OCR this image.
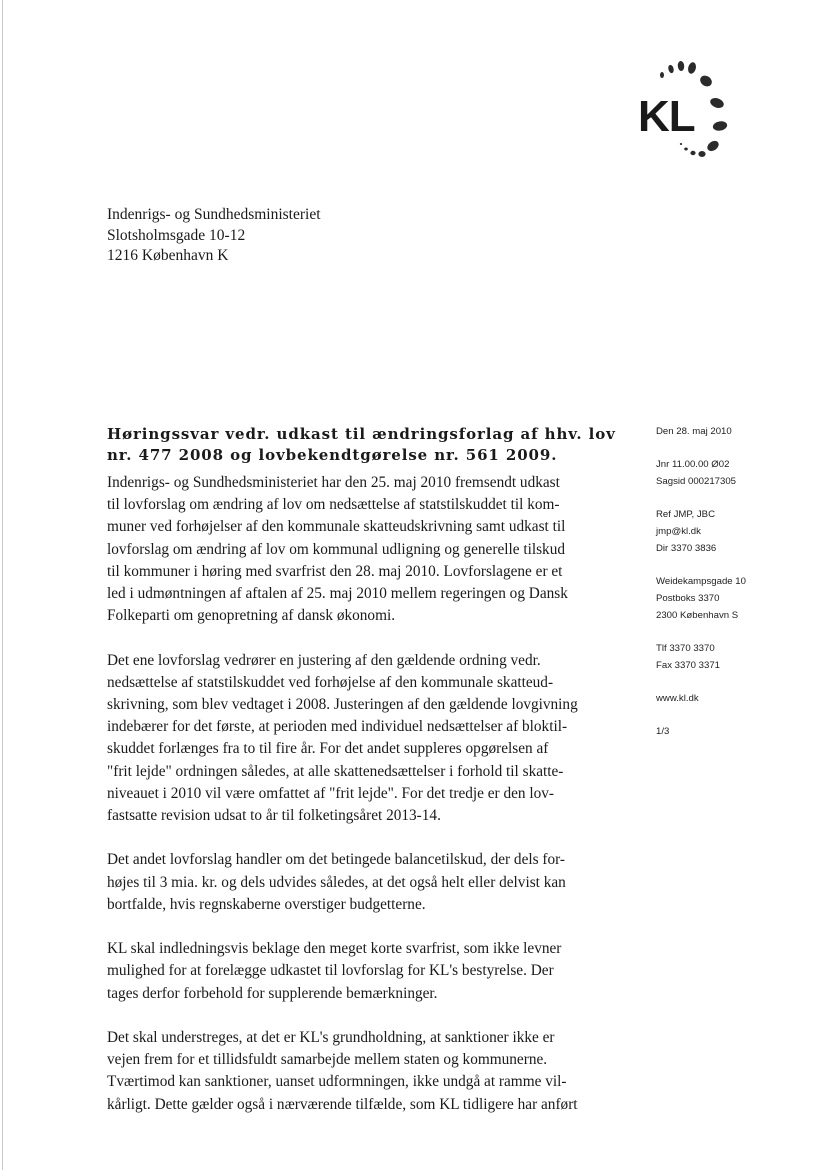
KL
Indenrigs- og Sundhedsministeriet
Slotsholmsgade 10-12
1216 København K
Høringssvar vedr. udkast til ændringsforlag af hhv. lov
nr. 477 2008 og lovbekendtgørelse nr. 561 2009.

Indenrigs- og Sundhedsministeriet har den 25. maj 2010 fremsendt udkast
til lovforslag om ændring af lov om nedsættelse af statstilskuddet til kom-
muner ved forhøjelser af den kommunale skatteudskrivning samt udkast til
lovforslag om ændring af lov om kommunal udligning og generelle tilskud
til kommuner i høring med svarfrist den 28. maj 2010. Lovforslagene er et
led i udmøntningen af aftalen af 25. maj 2010 mellem regeringen og Dansk
Folkeparti om genopretning af dansk økonomi.

Det ene lovforslag vedrører en justering af den gældende ordning vedr.
nedsættelse af statstilskuddet ved forhøjelse af den kommunale skatteud-
skrivning, som blev vedtaget i 2008. Justeringen af den gældende lovgivning
indebærer for det første, at perioden med individuel nedsættelser af bloktil-
skuddet forlænges fra to til fire år. For det andet suppleres opgørelsen af
"frit lejde" ordningen således, at alle skattenedsættelser i forhold til skatte-
niveauet i 2010 vil være omfattet af "frit lejde". For det tredje er den lov-
fastsatte revision udsat to år til folketingsåret 2013-14.

Det andet lovforslag handler om det betingede balancetilskud, der dels for-
højes til 3 mia. kr. og dels udvides således, at det også helt eller delvist kan
bortfalde, hvis regnskaberne overstiger budgetterne.

KL skal indledningsvis beklage den meget korte svarfrist, som ikke levner
mulighed for at forelægge udkastet til lovforslag for KL's bestyrelse. Der
tages derfor forbehold for supplerende bemærkninger.

Det skal understreges, at det er KL's grundholdning, at sanktioner ikke er
vejen frem for et tillidsfuldt samarbejde mellem staten og kommunerne.
Tværtimod kan sanktioner, uanset udformningen, ikke undgå at ramme vil-
kårligt. Dette gælder også i nærværende tilfælde, som KL tidligere har anført

Den 28. maj 2010
Jnr 11.00.00 Ø02
Sagsid 000217305
Ref JMP, JBC
jmp@kl.dk
Dir 3370 3836
Weidekampsgade 10
Postboks 3370
2300 København S
Tlf 3370 3370
Fax 3370 3371
www.kl.dk
1/3
